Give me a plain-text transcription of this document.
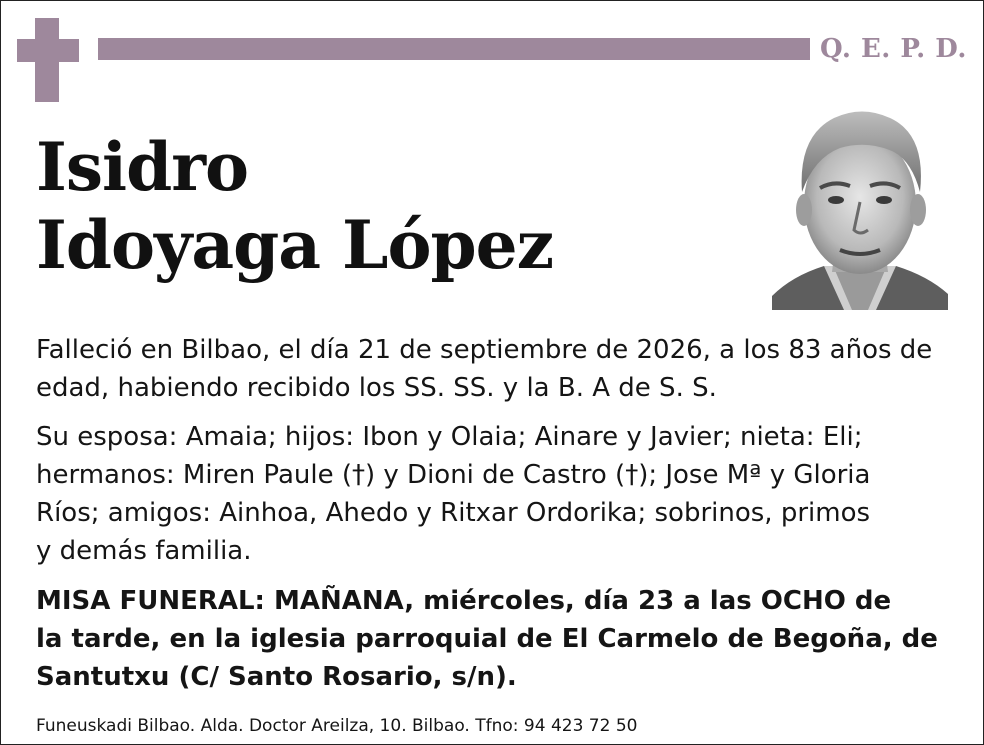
Q. E. P. D.
Isidro
Idoyaga López
Falleció en Bilbao, el día 21 de septiembre de 2026, a los 83 años de
edad, habiendo recibido los SS. SS. y la B. A de S. S.
Su esposa: Amaia; hijos: Ibon y Olaia; Ainare y Javier; nieta: Eli;
hermanos: Miren Paule (†) y Dioni de Castro (†); Jose Mª y Gloria
Ríos; amigos: Ainhoa, Ahedo y Ritxar Ordorika; sobrinos, primos
y demás familia.
MISA FUNERAL: MAÑANA, miércoles, día 23 a las OCHO de
la tarde, en la iglesia parroquial de El Carmelo de Begoña, de
Santutxu (C/ Santo Rosario, s/n).
Funeuskadi Bilbao. Alda. Doctor Areilza, 10. Bilbao. Tfno: 94 423 72 50
